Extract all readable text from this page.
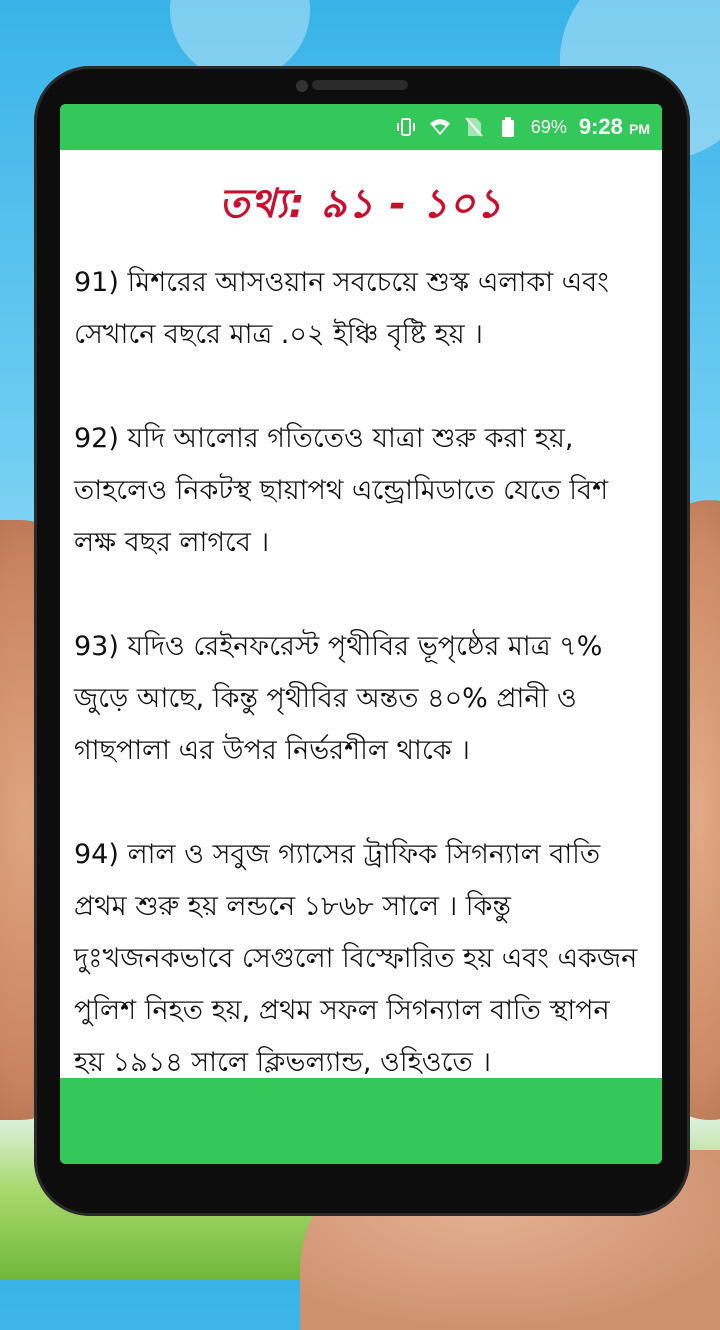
69% 9:28 PM
তথ্য: ৯১ - ১০১

91) মিশরের আসওয়ান সবচেয়ে শুস্ক এলাকা এবং সেখানে বছরে মাত্র .০২ ইঞ্চি বৃষ্টি হয় ।

92) যদি আলোর গতিতেও যাত্রা শুরু করা হয়, তাহলেও নিকটস্থ ছায়াপথ এন্ড্রোমিডাতে যেতে বিশ লক্ষ বছর লাগবে ।

93) যদিও রেইনফরেস্ট পৃথীবির ভূপৃষ্ঠের মাত্র ৭% জুড়ে আছে, কিন্তু পৃথীবির অন্তত ৪০% প্রানী ও গাছপালা এর উপর নির্ভরশীল থাকে ।

94) লাল ও সবুজ গ্যাসের ট্রাফিক সিগন্যাল বাতি প্রথম শুরু হয় লন্ডনে ১৮৬৮ সালে । কিন্তু দুঃখজনকভাবে সেগুলো বিস্ফোরিত হয় এবং একজন পুলিশ নিহত হয়, প্রথম সফল সিগন্যাল বাতি স্থাপন হয় ১৯১৪ সালে ক্লিভল্যান্ড, ওহিওতে ।
